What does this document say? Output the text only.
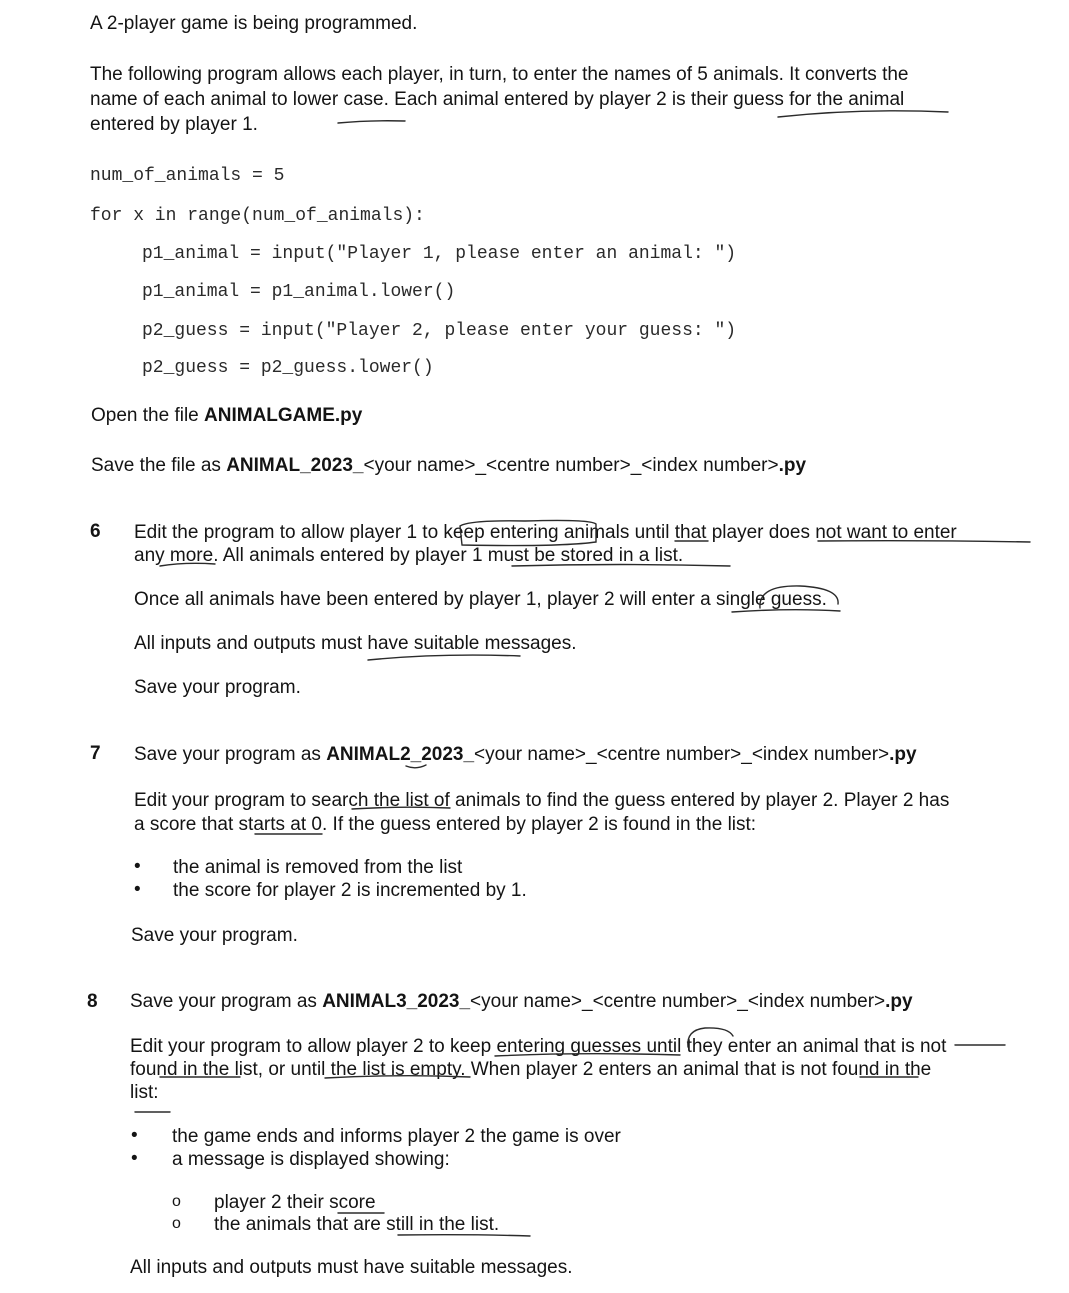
A 2-player game is being programmed.
The following program allows each player, in turn, to enter the names of 5 animals. It converts the
name of each animal to lower case. Each animal entered by player 2 is their guess for the animal
entered by player 1.
num_of_animals = 5
for x in range(num_of_animals):
p1_animal = input("Player 1, please enter an animal: ")
p1_animal = p1_animal.lower()
p2_guess = input("Player 2, please enter your guess: ")
p2_guess = p2_guess.lower()
Open the file ANIMALGAME.py
Save the file as ANIMAL_2023_<your name>_<centre number>_<index number>.py
6 Edit the program to allow player 1 to keep entering animals until that player does not want to enter
any more. All animals entered by player 1 must be stored in a list.
Once all animals have been entered by player 1, player 2 will enter a single guess.
All inputs and outputs must have suitable messages.
Save your program.
7 Save your program as ANIMAL2_2023_<your name>_<centre number>_<index number>.py
Edit your program to search the list of animals to find the guess entered by player 2. Player 2 has
a score that starts at 0. If the guess entered by player 2 is found in the list:
• the animal is removed from the list
• the score for player 2 is incremented by 1.
Save your program.
8 Save your program as ANIMAL3_2023_<your name>_<centre number>_<index number>.py
Edit your program to allow player 2 to keep entering guesses until they enter an animal that is not
found in the list, or until the list is empty. When player 2 enters an animal that is not found in the
list:
• the game ends and informs player 2 the game is over
• a message is displayed showing:
o player 2 their score
o the animals that are still in the list.
All inputs and outputs must have suitable messages.
